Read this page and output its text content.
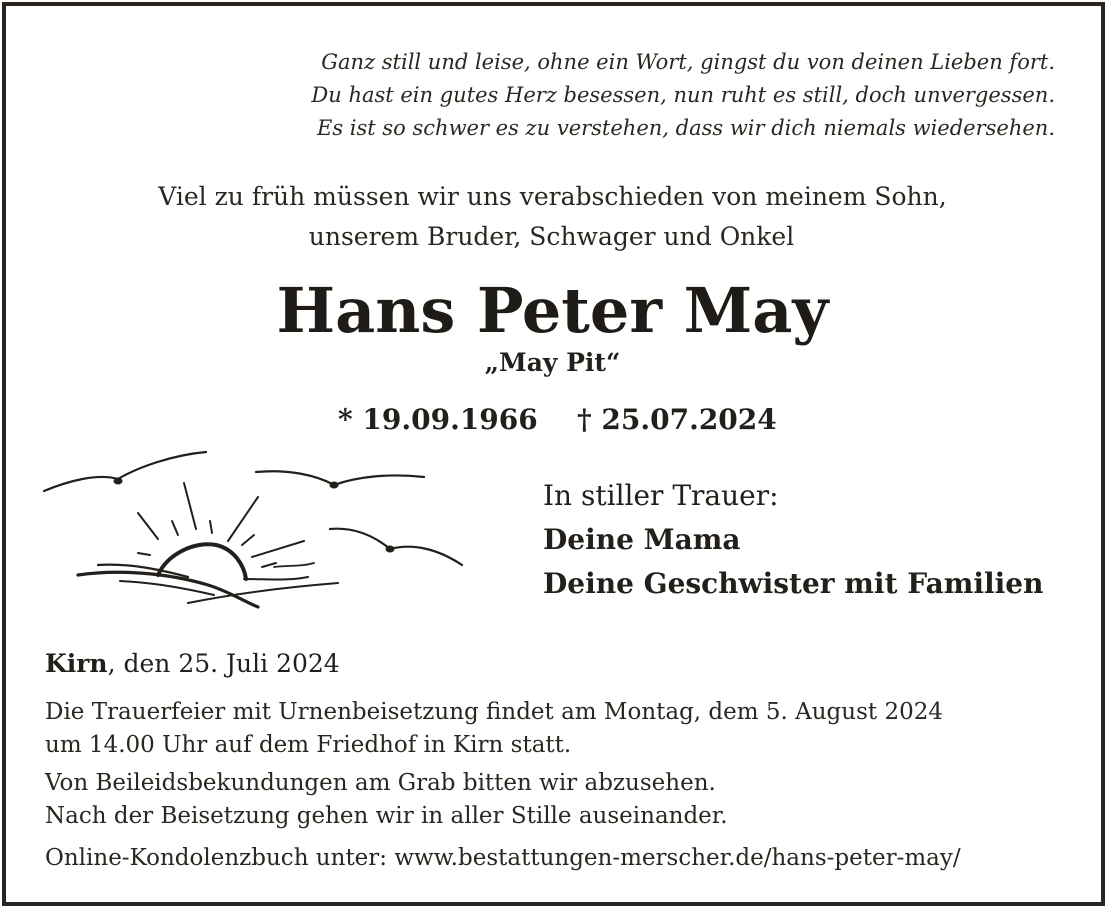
Ganz still und leise, ohne ein Wort, gingst du von deinen Lieben fort.
Du hast ein gutes Herz besessen, nun ruht es still, doch unvergessen.
Es ist so schwer es zu verstehen, dass wir dich niemals wiedersehen.
Viel zu früh müssen wir uns verabschieden von meinem Sohn,
unserem Bruder, Schwager und Onkel
Hans Peter May
„May Pit“
* 19.09.1966 † 25.07.2024
In stiller Trauer:
Deine Mama
Deine Geschwister mit Familien
Kirn, den 25. Juli 2024
Die Trauerfeier mit Urnenbeisetzung findet am Montag, dem 5. August 2024
um 14.00 Uhr auf dem Friedhof in Kirn statt.
Von Beileidsbekundungen am Grab bitten wir abzusehen.
Nach der Beisetzung gehen wir in aller Stille auseinander.
Online-Kondolenzbuch unter: www.bestattungen-merscher.de/hans-peter-may/
